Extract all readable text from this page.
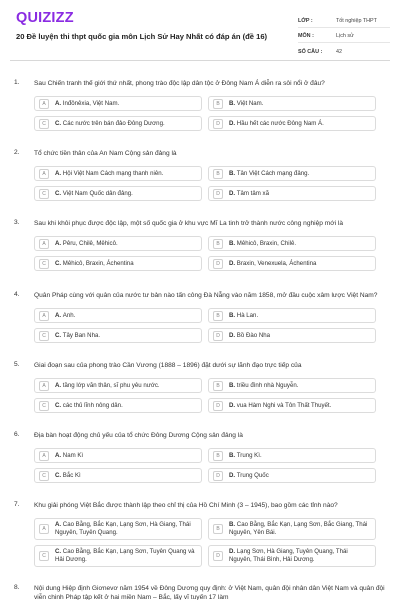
QUIZIZZ
20 Đề luyện thi thpt quốc gia môn Lịch Sử Hay Nhất có đáp án (đề 16)
LỚP :	Tốt nghiệp THPT
MÔN :	Lịch sử
SỐ CÂU :	42
1. Sau Chiến tranh thế giới thứ nhất, phong trào độc lập dân tộc ở Đông Nam Á diễn ra sôi nổi ở đâu?
A	A. Inđônêxia, Việt Nam.	B	B. Việt Nam.
C	C. Các nước trên bán đảo Đông Dương.	D	D. Hầu hết các nước Đông Nam Á.
2. Tổ chức tiền thân của An Nam Cộng sản đảng là
A	A. Hội Việt Nam Cách mạng thanh niên.	B	B. Tân Việt Cách mạng đảng.
C	C. Việt Nam Quốc dân đảng.	D	D. Tâm tâm xã
3. Sau khi khôi phục được độc lập, một số quốc gia ở khu vực Mĩ La tinh trở thành nước công nghiệp mới là
A	A. Pêru, Chilê, Mêhicô.	B	B. Mêhicô, Braxin, Chilê.
C	C. Mêhicô, Braxin, Áchentina	D	D. Braxin, Venexuela, Áchentina
4. Quân Pháp cùng với quân của nước tư bản nào tấn công Đà Nẵng vào năm 1858, mở đầu cuộc xâm lược Việt Nam?
A	A. Anh.	B	B. Hà Lan.
C	C. Tây Ban Nha.	D	D. Bồ Đào Nha
5. Giai đoạn sau của phong trào Cần Vương (1888 – 1896) đặt dưới sự lãnh đạo trực tiếp của
A	A. tầng lớp văn thân, sĩ phu yêu nước.	B	B. triều đình nhà Nguyễn.
C	C. các thủ lĩnh nông dân.	D	D. vua Hàm Nghi và Tôn Thất Thuyết.
6. Địa bàn hoạt động chủ yếu của tổ chức Đông Dương Cộng sản đảng là
A	A. Nam Kì	B	B. Trung Kì.
C	C. Bắc Kì	D	D. Trung Quốc
7. Khu giải phóng Việt Bắc được thành lập theo chỉ thị của Hồ Chí Minh (3 – 1945), bao gồm các tỉnh nào?
A
A. Cao Bằng, Bắc Kạn, Lạng Sơn, Hà Giang, Thái Nguyên, Tuyên Quang.	B
B. Cao Bằng, Bắc Kạn, Lạng Sơn, Bắc Giang, Thái Nguyên, Yên Bái.
C
C. Cao Bằng, Bắc Kạn, Lạng Sơn, Tuyên Quang và Hải Dương.	D
D. Lạng Sơn, Hà Giang, Tuyên Quang, Thái Nguyên, Thái Bình, Hải Dương.
8. Nội dung Hiệp định Giơnevơ năm 1954 về Đông Dương quy định: ở Việt Nam, quân đội nhân dân Việt Nam và quân đội viễn chinh Pháp tập kết ở hai miền Nam – Bắc, lấy vĩ tuyến 17 làm
